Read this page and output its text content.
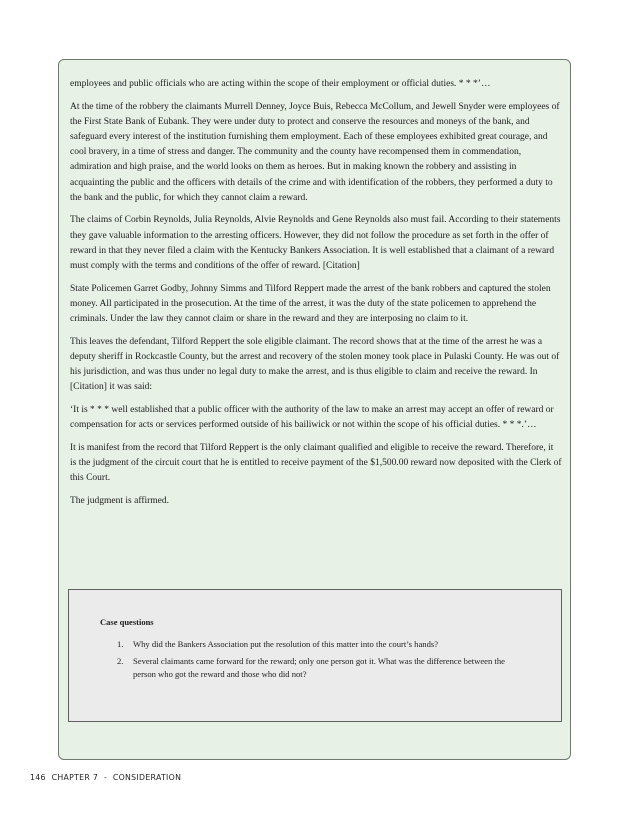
employees and public officials who are acting within the scope of their employment or official duties. * * *’…

At the time of the robbery the claimants Murrell Denney, Joyce Buis, Rebecca McCollum, and Jewell Snyder were employees of the First State Bank of Eubank. They were under duty to protect and conserve the resources and moneys of the bank, and safeguard every interest of the institution furnishing them employment. Each of these employees exhibited great courage, and cool bravery, in a time of stress and danger. The community and the county have recompensed them in commendation, admiration and high praise, and the world looks on them as heroes. But in making known the robbery and assisting in acquainting the public and the officers with details of the crime and with identification of the robbers, they performed a duty to the bank and the public, for which they cannot claim a reward.

The claims of Corbin Reynolds, Julia Reynolds, Alvie Reynolds and Gene Reynolds also must fail. According to their statements they gave valuable information to the arresting officers. However, they did not follow the procedure as set forth in the offer of reward in that they never filed a claim with the Kentucky Bankers Association. It is well established that a claimant of a reward must comply with the terms and conditions of the offer of reward. [Citation]

State Policemen Garret Godby, Johnny Simms and Tilford Reppert made the arrest of the bank robbers and captured the stolen money. All participated in the prosecution. At the time of the arrest, it was the duty of the state policemen to apprehend the criminals. Under the law they cannot claim or share in the reward and they are interposing no claim to it.

This leaves the defendant, Tilford Reppert the sole eligible claimant. The record shows that at the time of the arrest he was a deputy sheriff in Rockcastle County, but the arrest and recovery of the stolen money took place in Pulaski County. He was out of his jurisdiction, and was thus under no legal duty to make the arrest, and is thus eligible to claim and receive the reward. In [Citation] it was said:

‘It is * * * well established that a public officer with the authority of the law to make an arrest may accept an offer of reward or compensation for acts or services performed outside of his bailiwick or not within the scope of his official duties. * * *.’…

It is manifest from the record that Tilford Reppert is the only claimant qualified and eligible to receive the reward. Therefore, it is the judgment of the circuit court that he is entitled to receive payment of the $1,500.00 reward now deposited with the Clerk of this Court.

The judgment is affirmed.

Case questions
1. Why did the Bankers Association put the resolution of this matter into the court’s hands?
2. Several claimants came forward for the reward; only one person got it. What was the difference between the person who got the reward and those who did not?
146 CHAPTER 7 - CONSIDERATION
